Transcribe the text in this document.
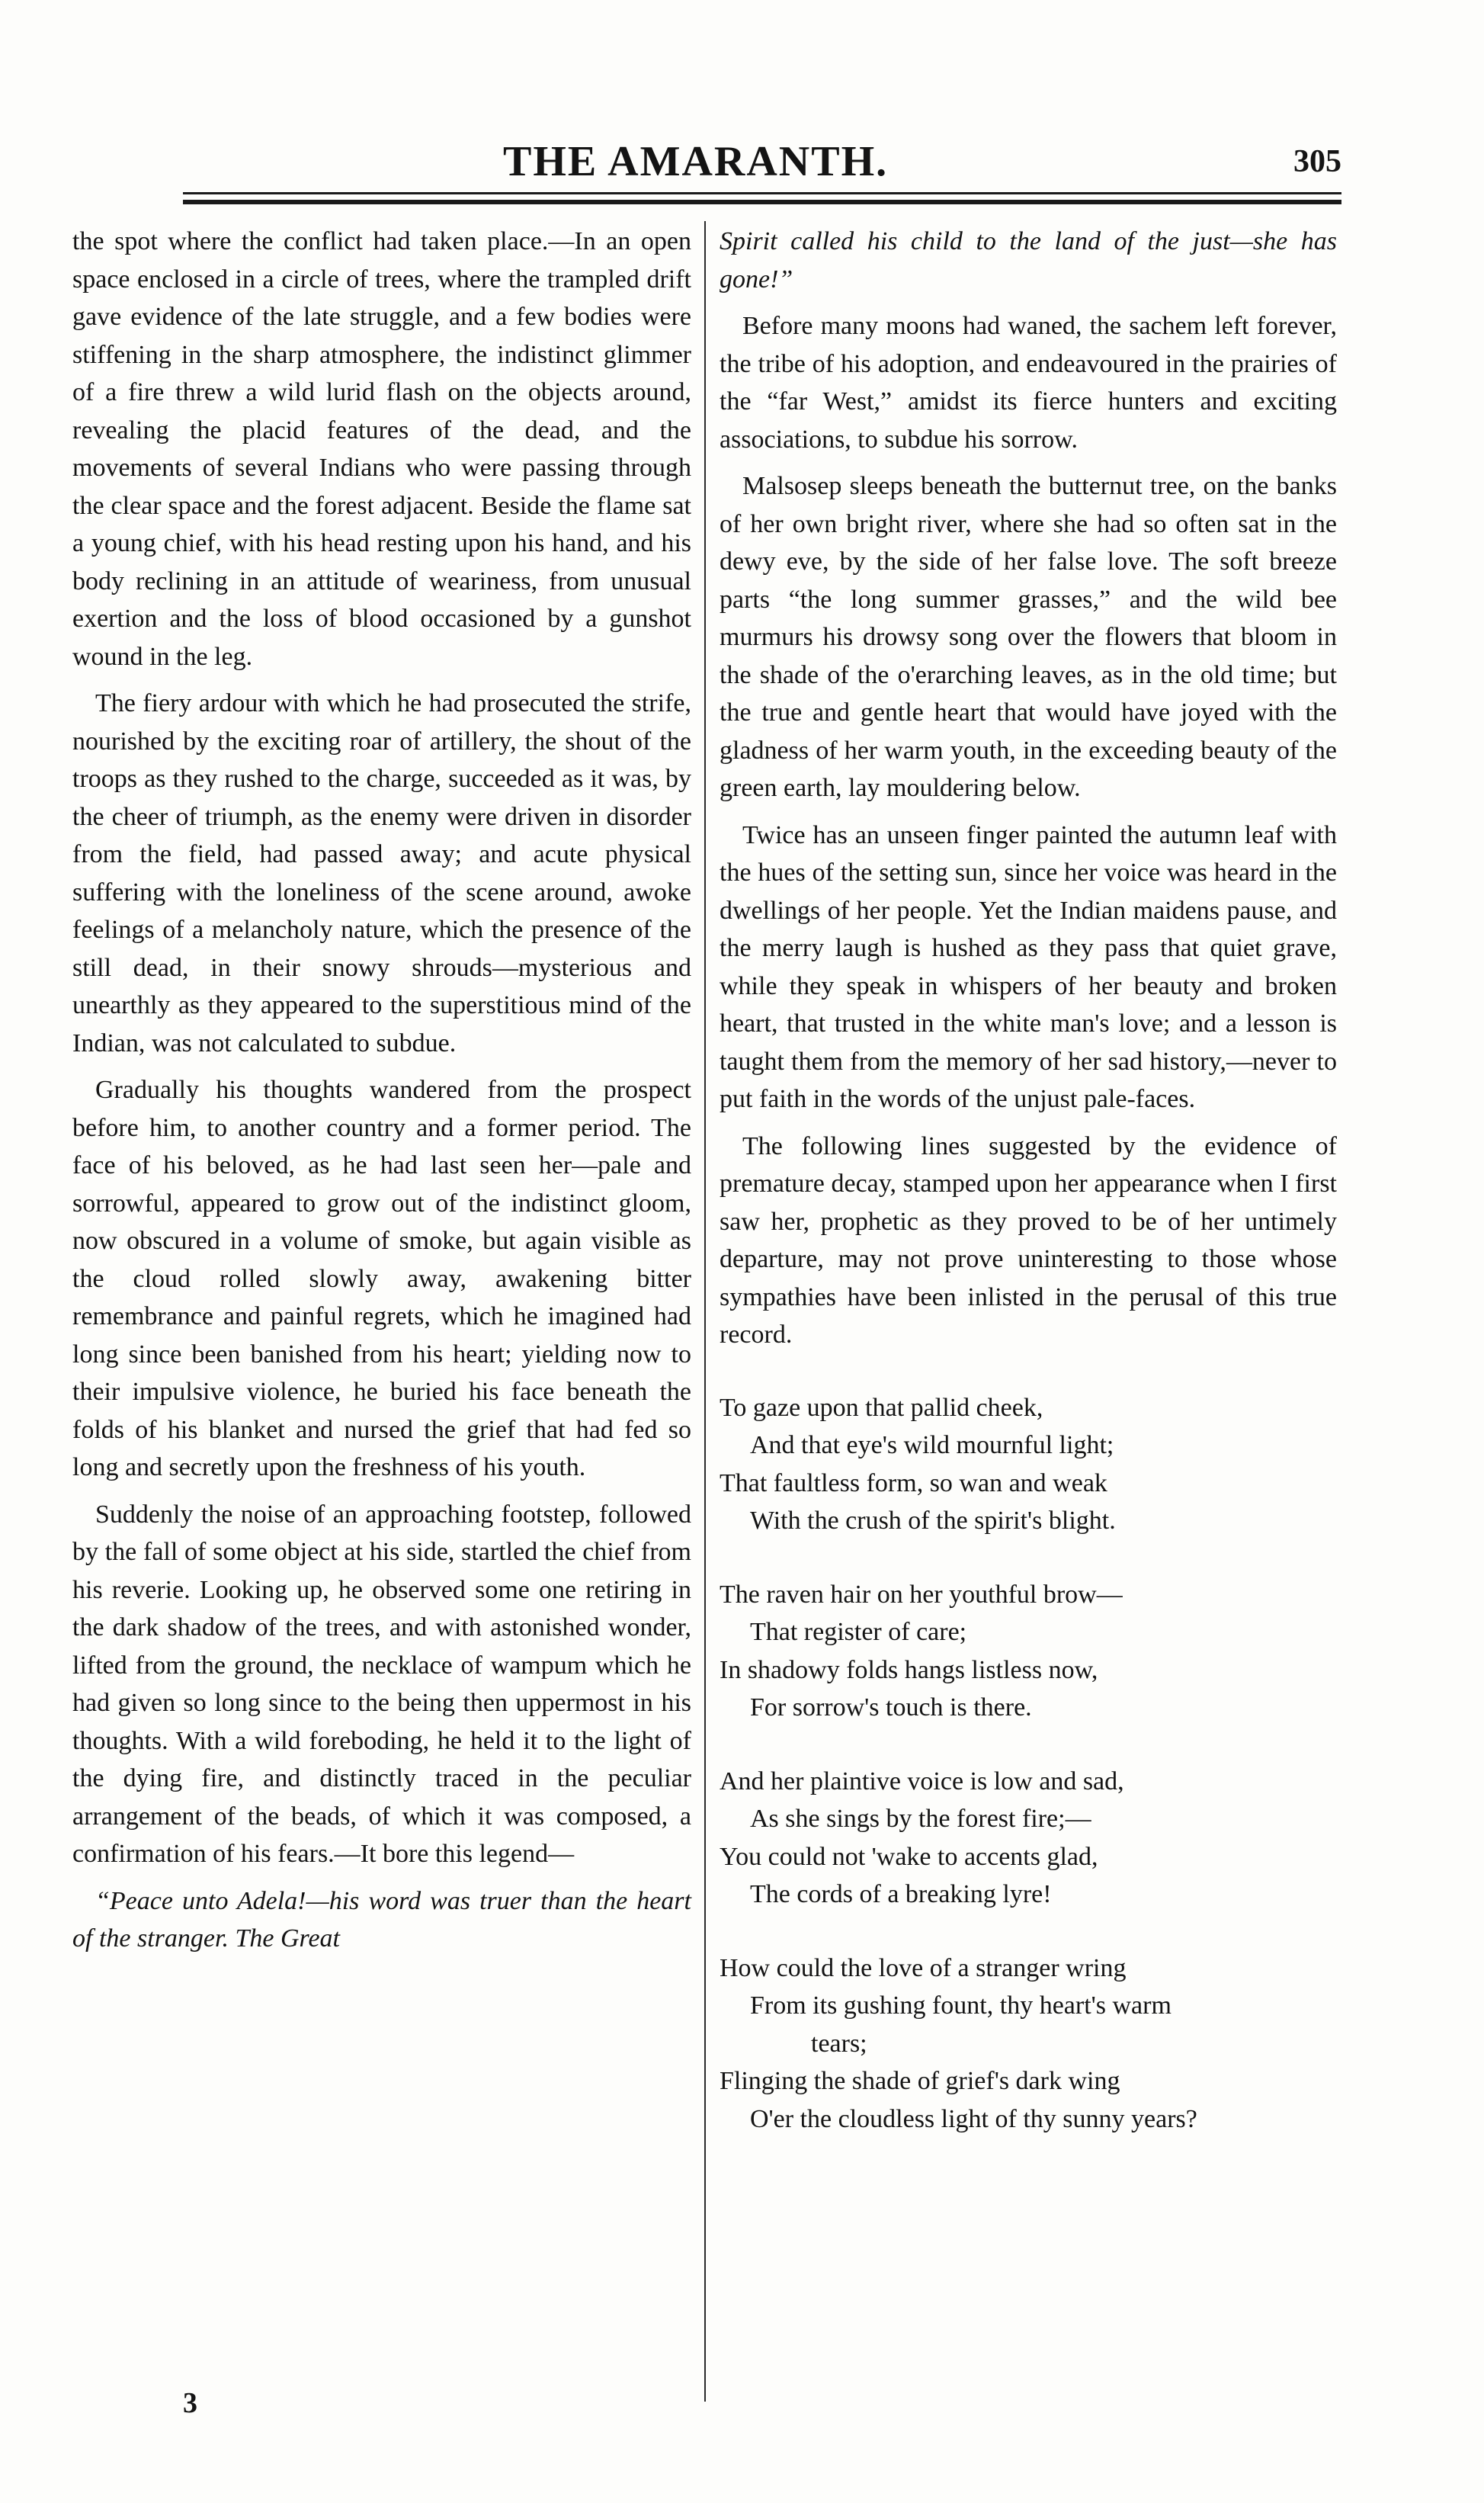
THE AMARANTH.	305

the spot where the conflict had taken place.—In an open space enclosed in a circle of trees, where the trampled drift gave evidence of the late struggle, and a few bodies were stiffening in the sharp atmosphere, the indistinct glimmer of a fire threw a wild lurid flash on the objects around, revealing the placid features of the dead, and the movements of several Indians who were passing through the clear space and the forest adjacent. Beside the flame sat a young chief, with his head resting upon his hand, and his body reclining in an attitude of weariness, from unusual exertion and the loss of blood occasioned by a gunshot wound in the leg.

The fiery ardour with which he had prosecuted the strife, nourished by the exciting roar of artillery, the shout of the troops as they rushed to the charge, succeeded as it was, by the cheer of triumph, as the enemy were driven in disorder from the field, had passed away; and acute physical suffering with the loneliness of the scene around, awoke feelings of a melancholy nature, which the presence of the still dead, in their snowy shrouds—mysterious and unearthly as they appeared to the superstitious mind of the Indian, was not calculated to subdue.

Gradually his thoughts wandered from the prospect before him, to another country and a former period. The face of his beloved, as he had last seen her—pale and sorrowful, appeared to grow out of the indistinct gloom, now obscured in a volume of smoke, but again visible as the cloud rolled slowly away, awakening bitter remembrance and painful regrets, which he imagined had long since been banished from his heart; yielding now to their impulsive violence, he buried his face beneath the folds of his blanket and nursed the grief that had fed so long and secretly upon the freshness of his youth.

Suddenly the noise of an approaching footstep, followed by the fall of some object at his side, startled the chief from his reverie. Looking up, he observed some one retiring in the dark shadow of the trees, and with astonished wonder, lifted from the ground, the necklace of wampum which he had given so long since to the being then uppermost in his thoughts. With a wild foreboding, he held it to the light of the dying fire, and distinctly traced in the peculiar arrangement of the beads, of which it was composed, a confirmation of his fears.—It bore this legend—

“Peace unto Adela!—his word was truer than the heart of the stranger. The Great

Spirit called his child to the land of the just—she has gone!”

Before many moons had waned, the sachem left forever, the tribe of his adoption, and endeavoured in the prairies of the “far West,” amidst its fierce hunters and exciting associations, to subdue his sorrow.

Malsosep sleeps beneath the butternut tree, on the banks of her own bright river, where she had so often sat in the dewy eve, by the side of her false love. The soft breeze parts “the long summer grasses,” and the wild bee murmurs his drowsy song over the flowers that bloom in the shade of the o'erarching leaves, as in the old time; but the true and gentle heart that would have joyed with the gladness of her warm youth, in the exceeding beauty of the green earth, lay mouldering below.

Twice has an unseen finger painted the autumn leaf with the hues of the setting sun, since her voice was heard in the dwellings of her people. Yet the Indian maidens pause, and the merry laugh is hushed as they pass that quiet grave, while they speak in whispers of her beauty and broken heart, that trusted in the white man's love; and a lesson is taught them from the memory of her sad history,—never to put faith in the words of the unjust pale-faces.

The following lines suggested by the evidence of premature decay, stamped upon her appearance when I first saw her, prophetic as they proved to be of her untimely departure, may not prove uninteresting to those whose sympathies have been inlisted in the perusal of this true record.

To gaze upon that pallid cheek,
And that eye's wild mournful light;
That faultless form, so wan and weak
With the crush of the spirit's blight.
The raven hair on her youthful brow—
That register of care;
In shadowy folds hangs listless now,
For sorrow's touch is there.
And her plaintive voice is low and sad,
As she sings by the forest fire;—
You could not 'wake to accents glad,
The cords of a breaking lyre!
How could the love of a stranger wring
From its gushing fount, thy heart's warm
tears;
Flinging the shade of grief's dark wing
O'er the cloudless light of thy sunny years?
3
